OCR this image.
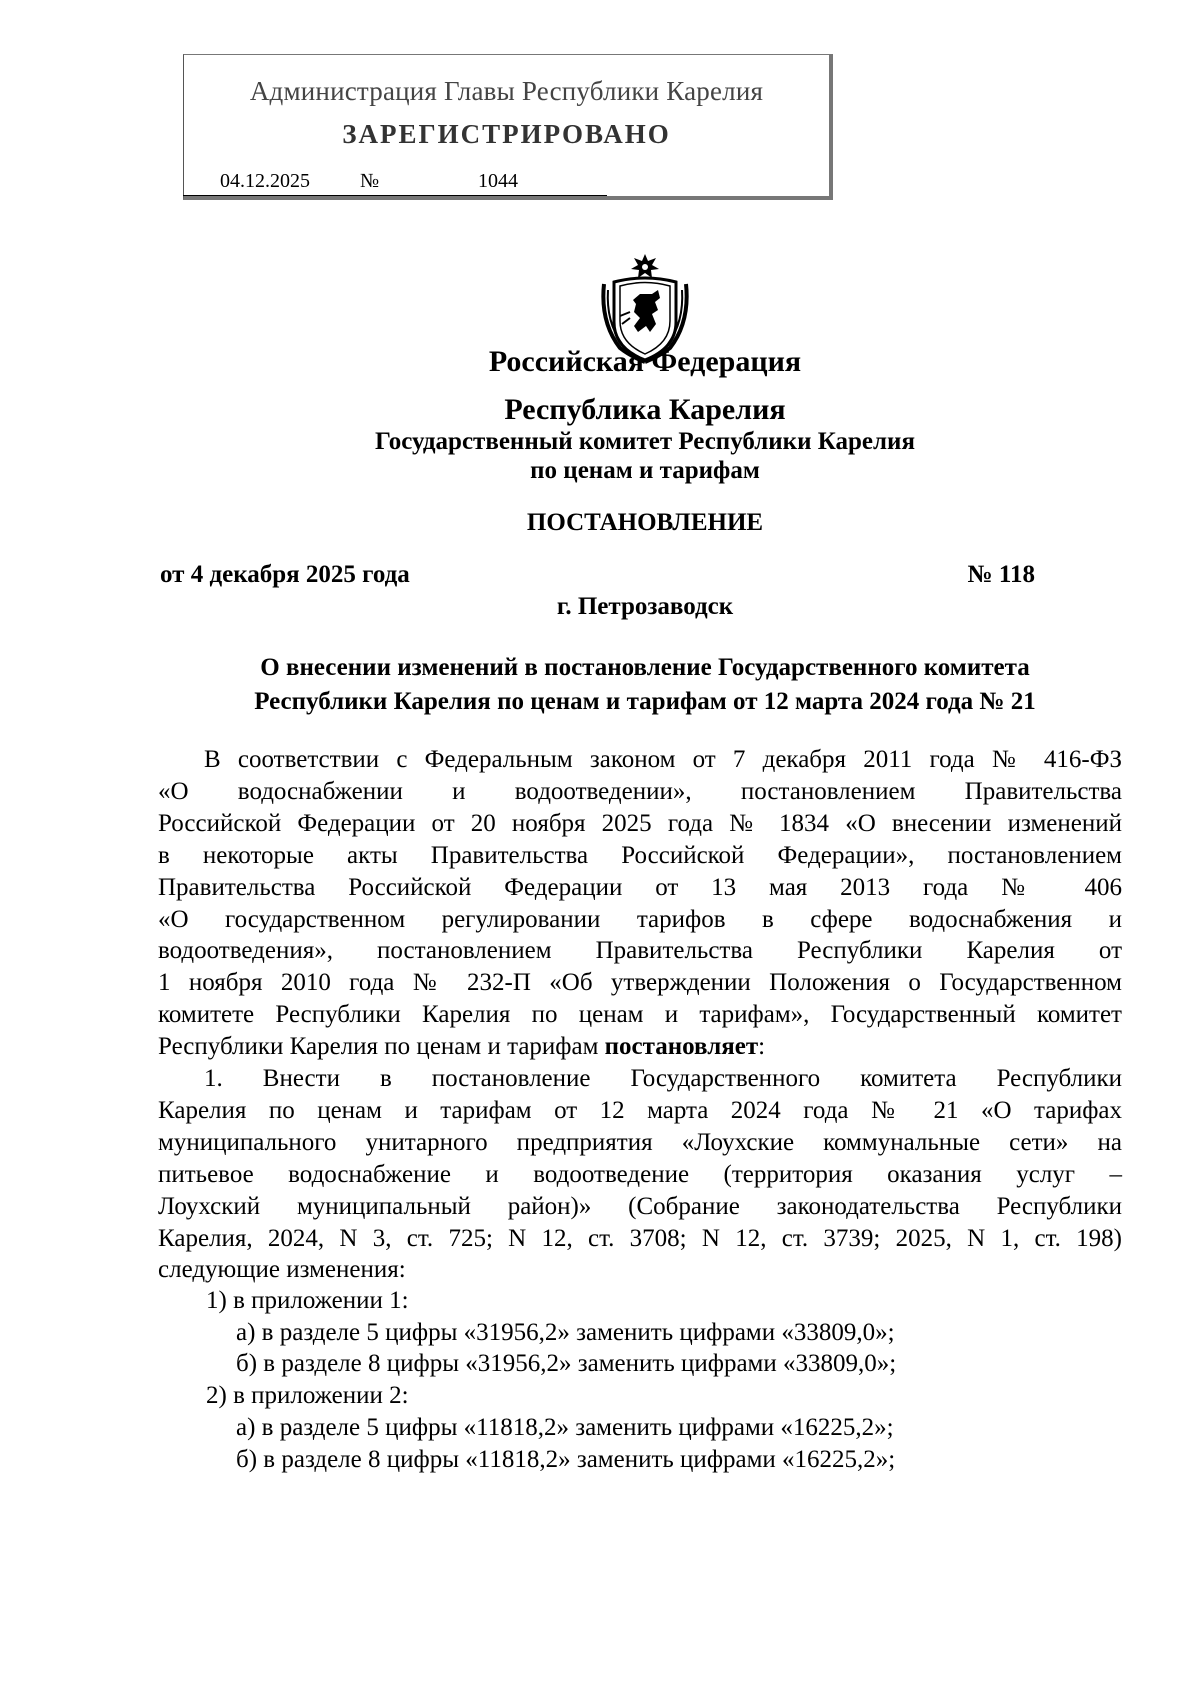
Администрация Главы Республики Карелия
ЗАРЕГИСТРИРОВАНО
04.12.2025	№	1044
Российская Федерация
Республика Карелия
Государственный комитет Республики Карелия
по ценам и тарифам
ПОСТАНОВЛЕНИЕ
от 4 декабря 2025 года	№ 118
г. Петрозаводск
О внесении изменений в постановление Государственного комитета
Республики Карелия по ценам и тарифам от 12 марта 2024 года № 21

В соответствии с Федеральным законом от 7 декабря 2011 года № 416-ФЗ

«О водоснабжении и водоотведении», постановлением Правительства

Российской Федерации от 20 ноября 2025 года № 1834 «О внесении изменений

в некоторые акты Правительства Российской Федерации», постановлением

Правительства Российской Федерации от 13 мая 2013 года № 406

«О государственном регулировании тарифов в сфере водоснабжения и

водоотведения», постановлением Правительства Республики Карелия от

1 ноября 2010 года № 232-П «Об утверждении Положения о Государственном

комитете Республики Карелия по ценам и тарифам», Государственный комитет

Республики Карелия по ценам и тарифам постановляет:

1. Внести в постановление Государственного комитета Республики

Карелия по ценам и тарифам от 12 марта 2024 года № 21 «О тарифах

муниципального унитарного предприятия «Лоухские коммунальные сети» на

питьевое водоснабжение и водоотведение (территория оказания услуг –

Лоухский муниципальный район)» (Собрание законодательства Республики

Карелия, 2024, N 3, ст. 725; N 12, ст. 3708; N 12, ст. 3739; 2025, N 1, ст. 198)

следующие изменения:

1) в приложении 1:
а) в разделе 5 цифры «31956,2» заменить цифрами «33809,0»;
б) в разделе 8 цифры «31956,2» заменить цифрами «33809,0»;
2) в приложении 2:
а) в разделе 5 цифры «11818,2» заменить цифрами «16225,2»;
б) в разделе 8 цифры «11818,2» заменить цифрами «16225,2»;
